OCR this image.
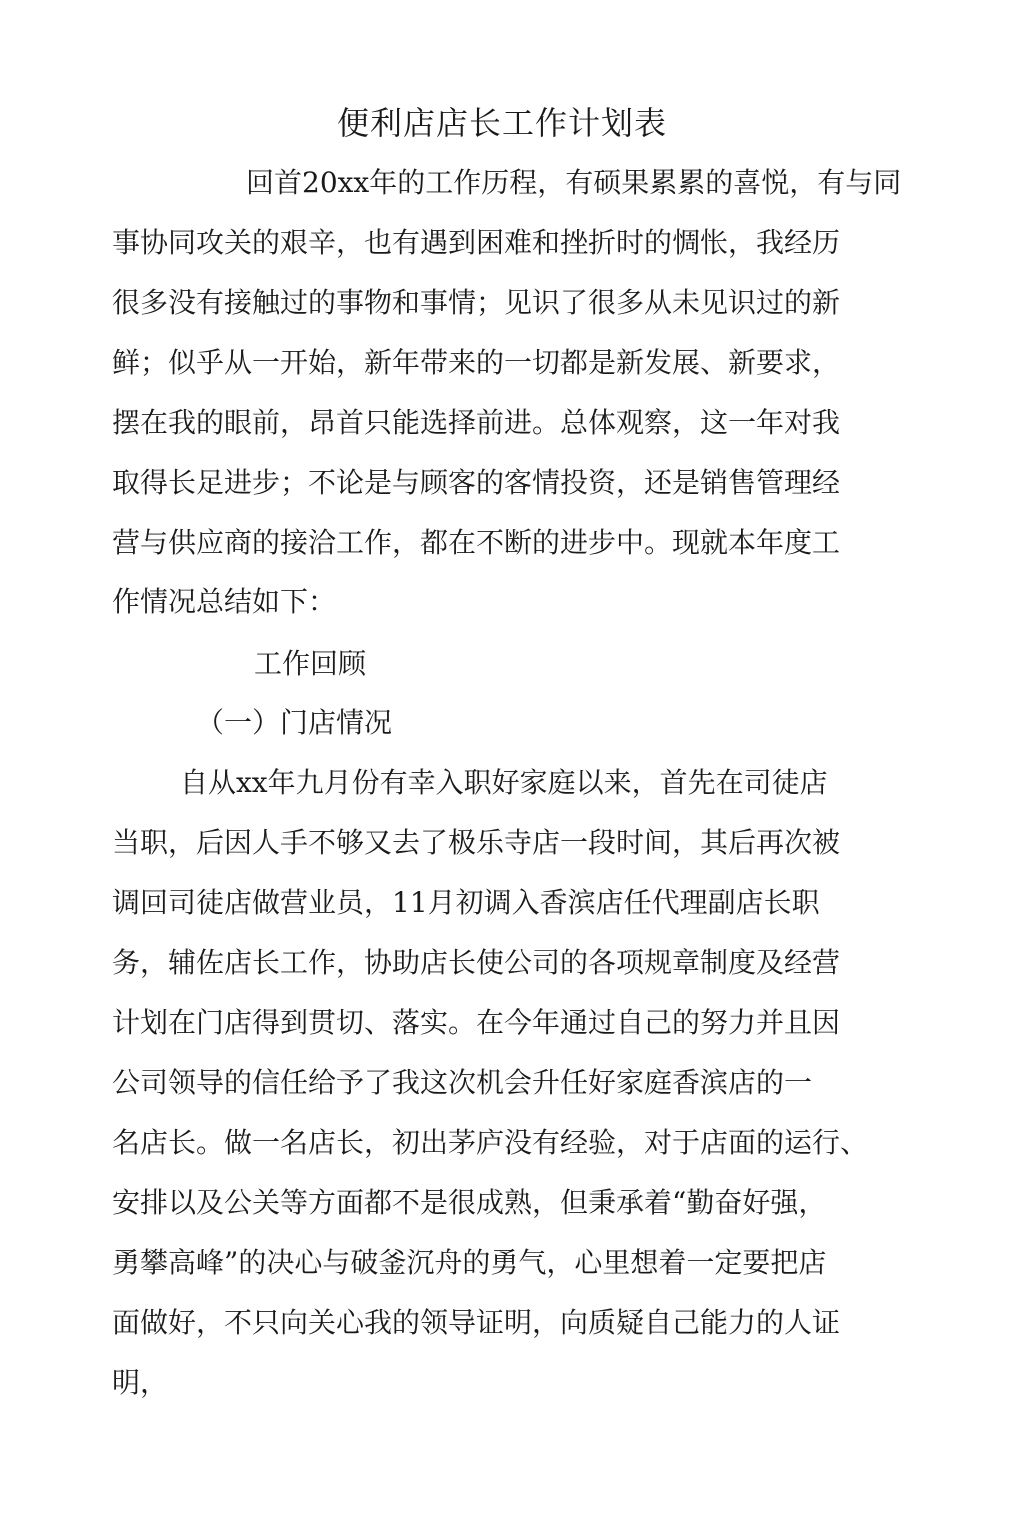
便利店店长工作计划表
回首20xx年的工作历程，有硕果累累的喜悦，有与同
事协同攻关的艰辛，也有遇到困难和挫折时的惆怅，我经历
很多没有接触过的事物和事情；见识了很多从未见识过的新
鲜；似乎从一开始，新年带来的一切都是新发展、新要求，
摆在我的眼前，昂首只能选择前进。总体观察，这一年对我
取得长足进步；不论是与顾客的客情投资，还是销售管理经
营与供应商的接洽工作，都在不断的进步中。现就本年度工
作情况总结如下：
工作回顾
（一）门店情况
自从xx年九月份有幸入职好家庭以来，首先在司徒店
当职，后因人手不够又去了极乐寺店一段时间，其后再次被
调回司徒店做营业员，11月初调入香滨店任代理副店长职
务，辅佐店长工作，协助店长使公司的各项规章制度及经营
计划在门店得到贯切、落实。在今年通过自己的努力并且因
公司领导的信任给予了我这次机会升任好家庭香滨店的一
名店长。做一名店长，初出茅庐没有经验，对于店面的运行、
安排以及公关等方面都不是很成熟，但秉承着“勤奋好强，
勇攀高峰”的决心与破釜沉舟的勇气，心里想着一定要把店
面做好，不只向关心我的领导证明，向质疑自己能力的人证
明，
